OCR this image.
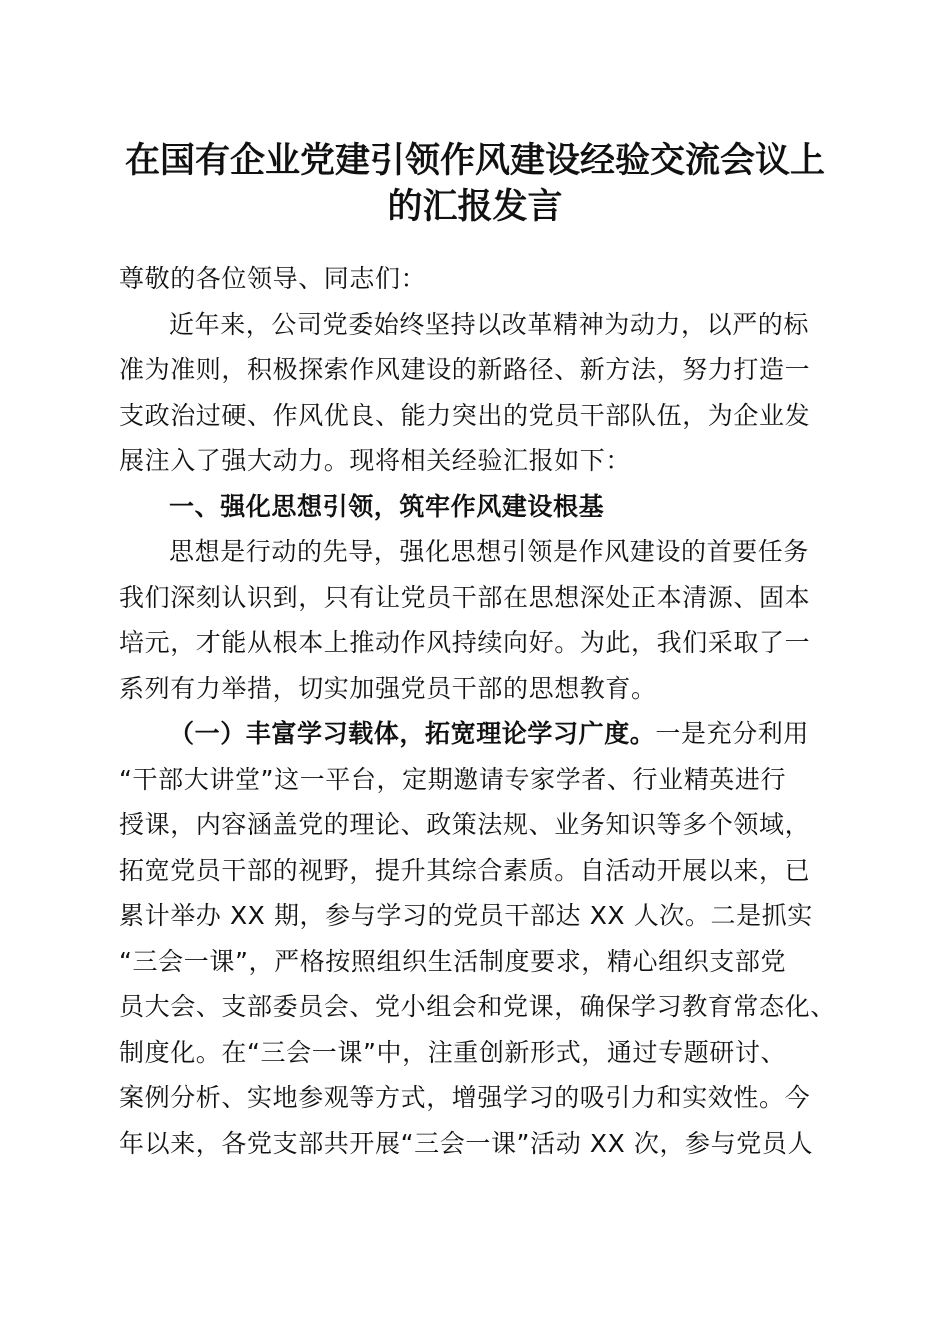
在国有企业党建引领作风建设经验交流会议上
的汇报发言
尊敬的各位领导、同志们：
近年来，公司党委始终坚持以改革精神为动力，以严的标
准为准则，积极探索作风建设的新路径、新方法，努力打造一
支政治过硬、作风优良、能力突出的党员干部队伍，为企业发
展注入了强大动力。现将相关经验汇报如下：
一、强化思想引领，筑牢作风建设根基
思想是行动的先导，强化思想引领是作风建设的首要任务
我们深刻认识到，只有让党员干部在思想深处正本清源、固本
培元，才能从根本上推动作风持续向好。为此，我们采取了一
系列有力举措，切实加强党员干部的思想教育。
（一）丰富学习载体，拓宽理论学习广度。一是充分利用
“干部大讲堂”这一平台，定期邀请专家学者、行业精英进行
授课，内容涵盖党的理论、政策法规、业务知识等多个领域，
拓宽党员干部的视野，提升其综合素质。自活动开展以来，已
累计举办 XX 期，参与学习的党员干部达 XX 人次。二是抓实
“三会一课”，严格按照组织生活制度要求，精心组织支部党
员大会、支部委员会、党小组会和党课，确保学习教育常态化、
制度化。在“三会一课”中，注重创新形式，通过专题研讨、
案例分析、实地参观等方式，增强学习的吸引力和实效性。今
年以来，各党支部共开展“三会一课”活动 XX 次，参与党员人
